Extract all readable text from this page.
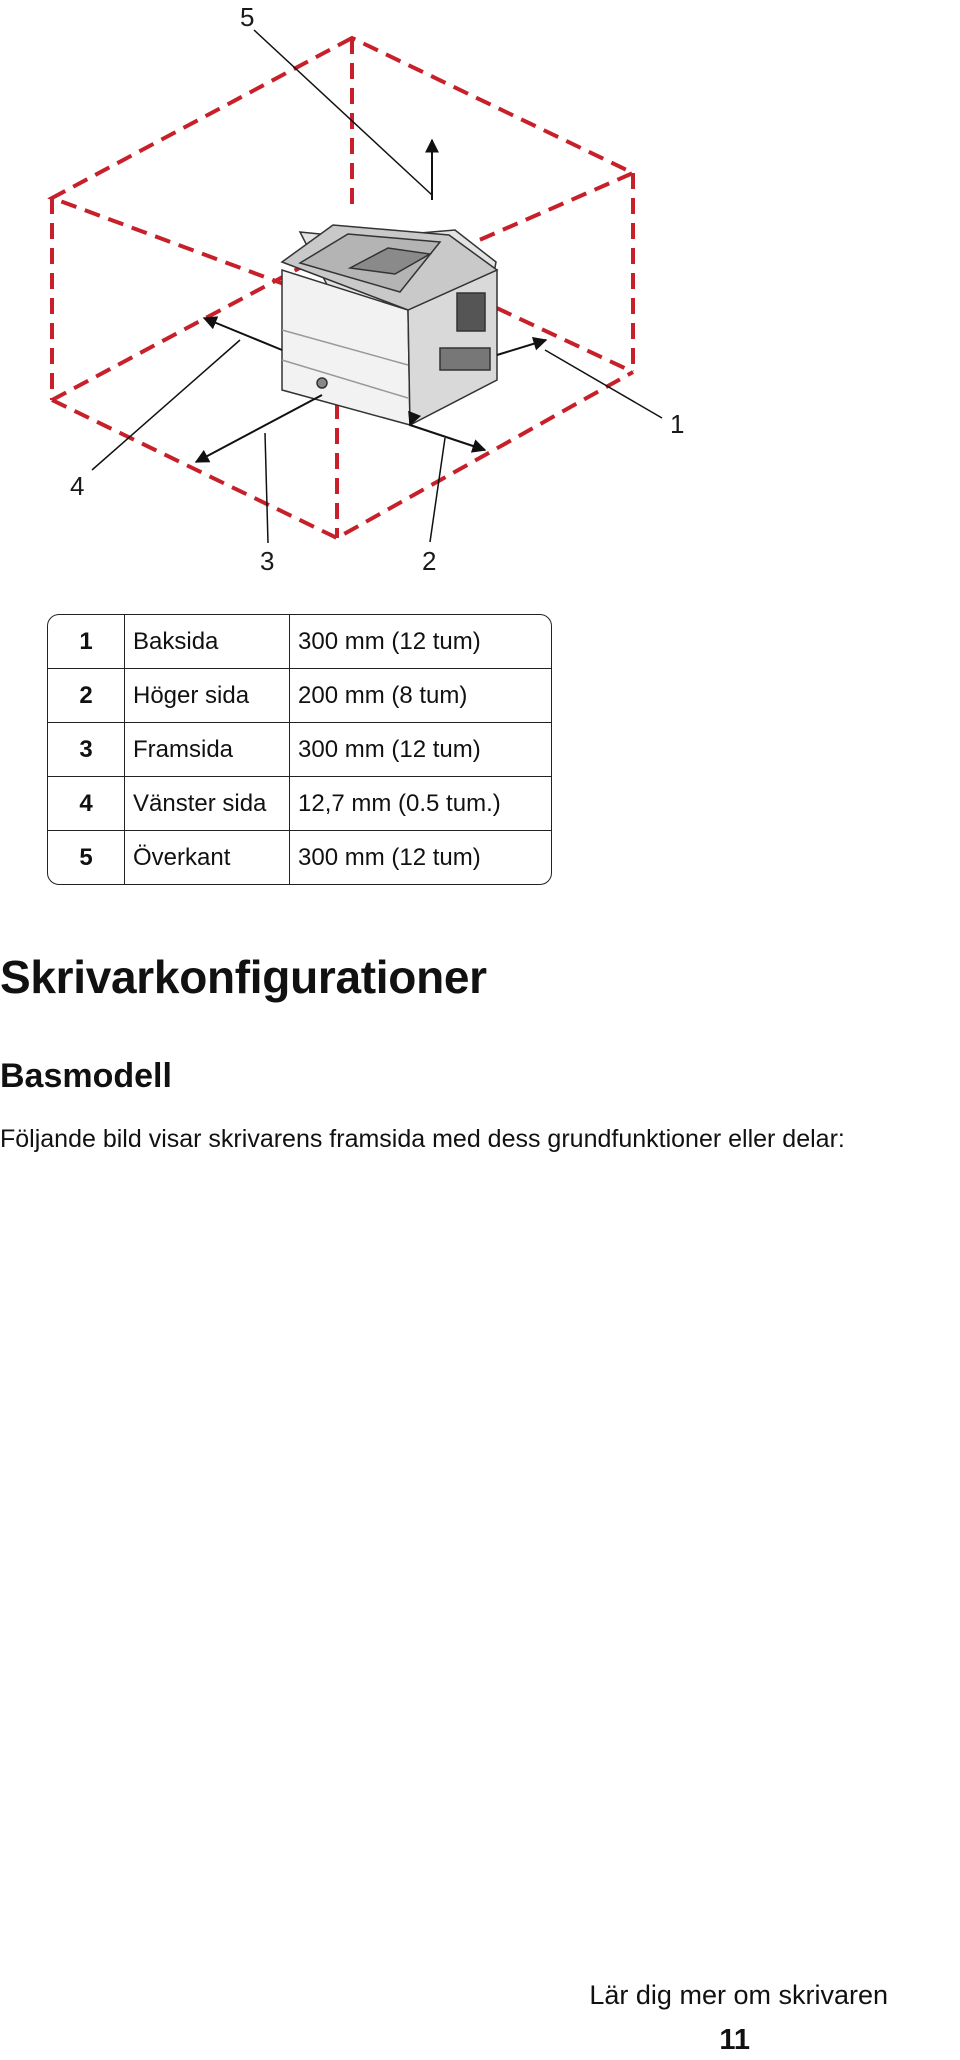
5
1
2
3
4
1	Baksida	300 mm (12 tum)
2	Höger sida	200 mm (8 tum)
3	Framsida	300 mm (12 tum)
4	Vänster sida	12,7 mm (0.5 tum.)
5	Överkant	300 mm (12 tum)
Skrivarkonfigurationer
Basmodell

Följande bild visar skrivarens framsida med dess grundfunktioner eller delar:

Lär dig mer om skrivaren
11
